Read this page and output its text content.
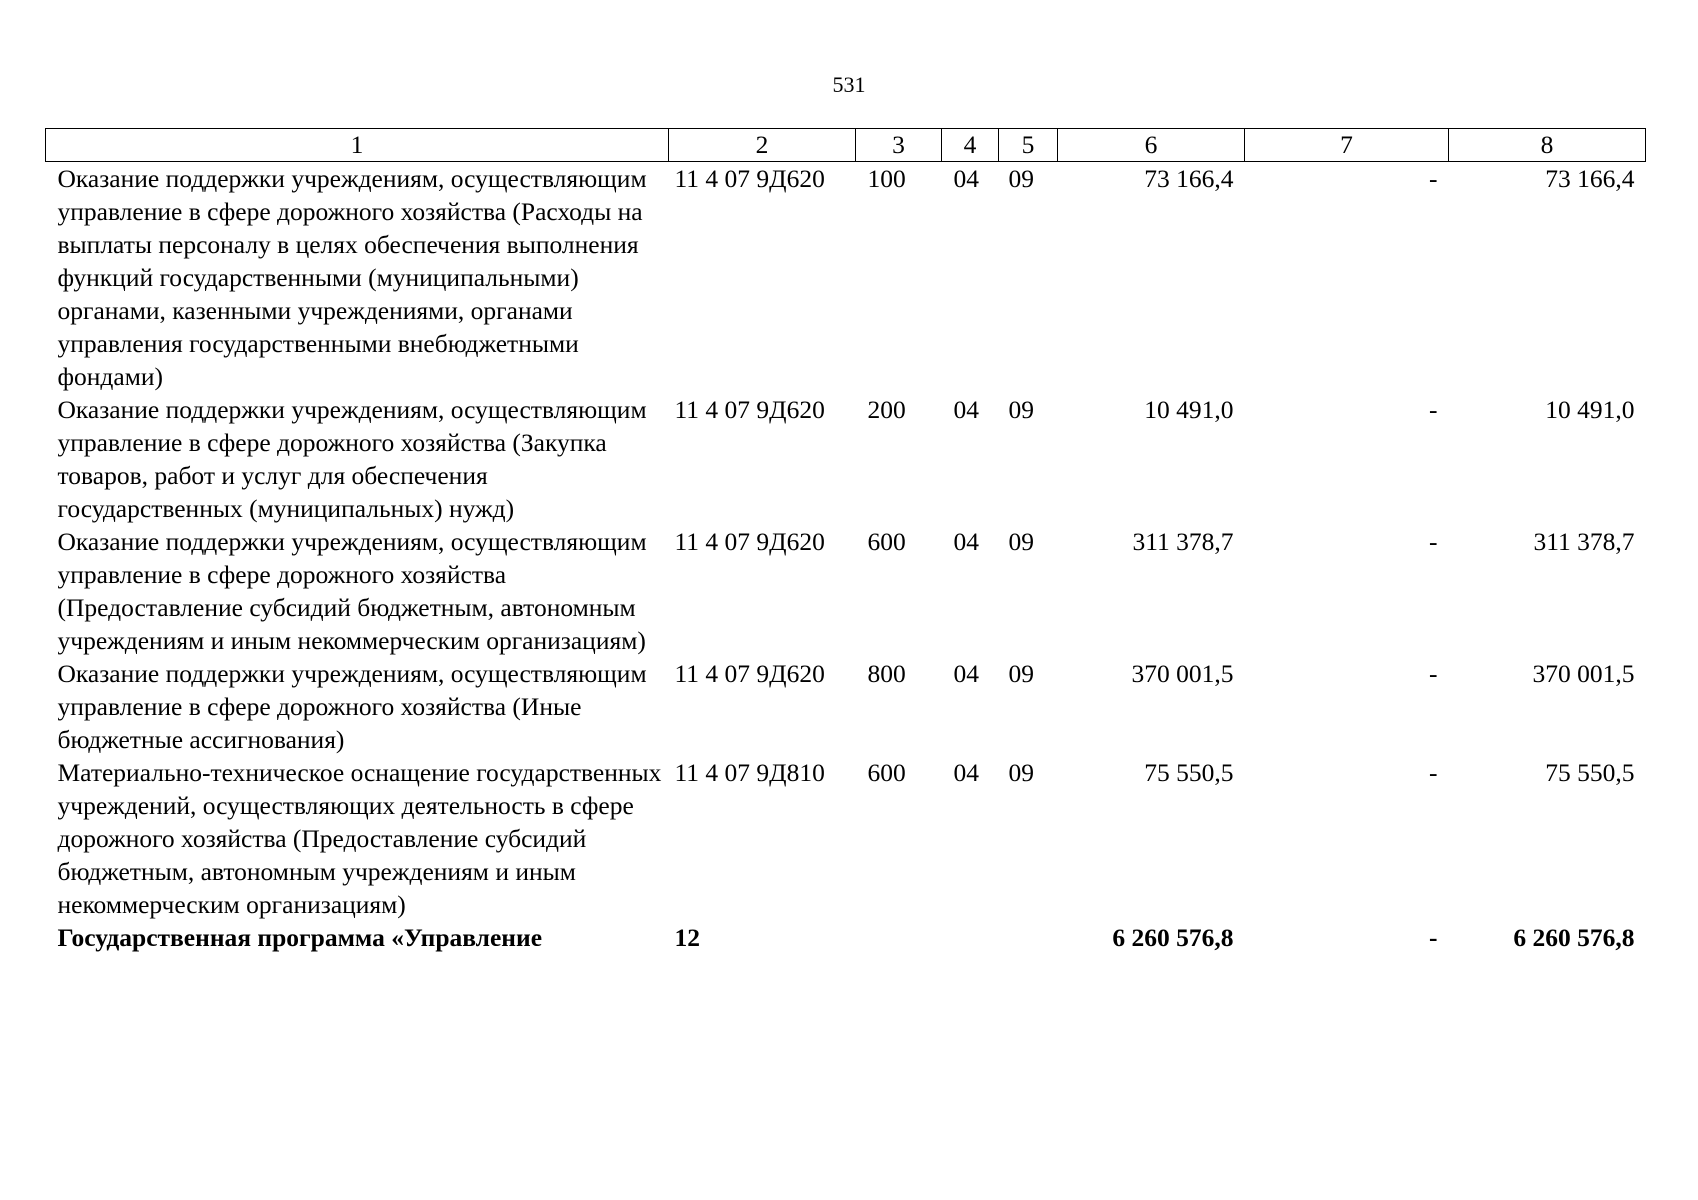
531
1	2	3	4	5	6	7	8
Оказание поддержки учреждениям, осуществляющим управление в сфере дорожного хозяйства (Расходы на выплаты персоналу в целях обеспечения выполнения функций государственными (муниципальными) органами, казенными учреждениями, органами управления государственными внебюджетными фондами)	11 4 07 9Д620	100	04	09	73 166,4	-	73 166,4
Оказание поддержки учреждениям, осуществляющим управление в сфере дорожного хозяйства (Закупка товаров, работ и услуг для обеспечения государственных (муниципальных) нужд)	11 4 07 9Д620	200	04	09	10 491,0	-	10 491,0
Оказание поддержки учреждениям, осуществляющим управление в сфере дорожного хозяйства (Предоставление субсидий бюджетным, автономным учреждениям и иным некоммерческим организациям)	11 4 07 9Д620	600	04	09	311 378,7	-	311 378,7
Оказание поддержки учреждениям, осуществляющим управление в сфере дорожного хозяйства (Иные бюджетные ассигнования)	11 4 07 9Д620	800	04	09	370 001,5	-	370 001,5
Материально-техническое оснащение государственных учреждений, осуществляющих деятельность в сфере дорожного хозяйства (Предоставление субсидий бюджетным, автономным учреждениям и иным некоммерческим организациям)	11 4 07 9Д810	600	04	09	75 550,5	-	75 550,5
Государственная программа «Управление	12				6 260 576,8	-	6 260 576,8
